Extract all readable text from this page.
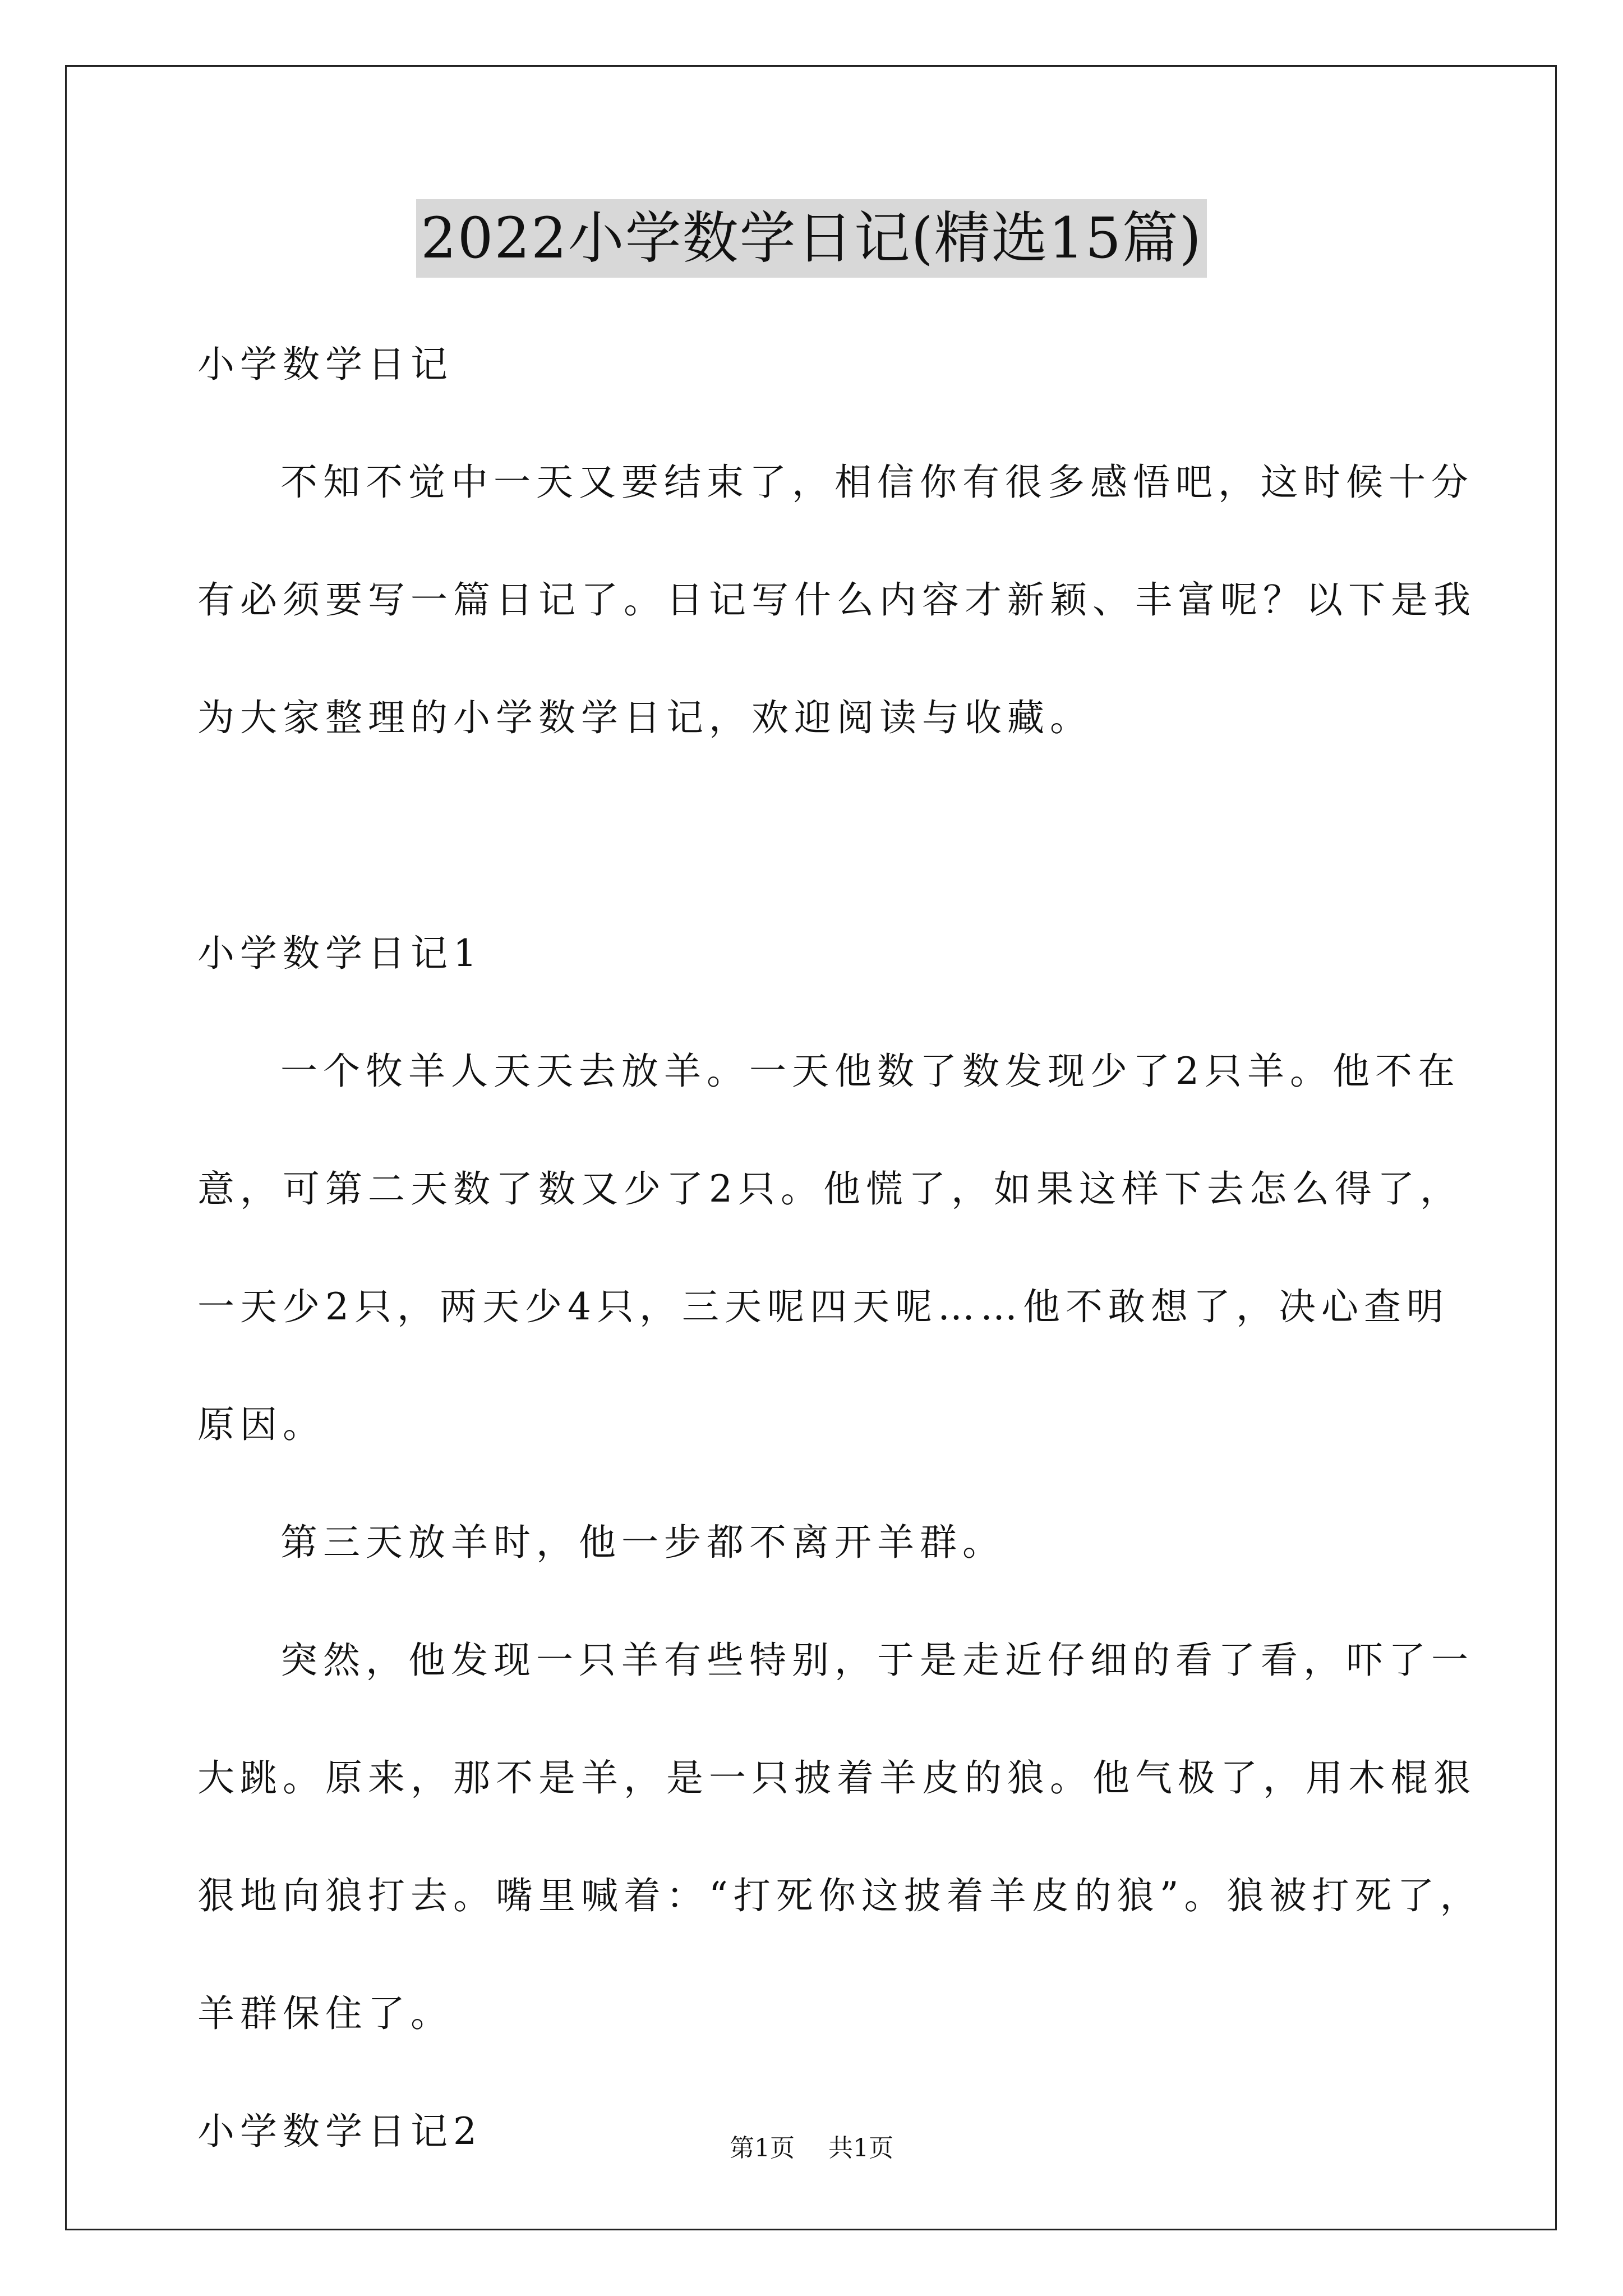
2022小学数学日记(精选15篇)

小学数学日记

不知不觉中一天又要结束了，相信你有很多感悟吧，这时候十分

有必须要写一篇日记了。日记写什么内容才新颖、丰富呢？以下是我

为大家整理的小学数学日记，欢迎阅读与收藏。

小学数学日记1

一个牧羊人天天去放羊。一天他数了数发现少了2只羊。他不在

意，可第二天数了数又少了2只。他慌了，如果这样下去怎么得了，

一天少2只，两天少4只，三天呢四天呢……他不敢想了，决心查明

原因。

第三天放羊时，他一步都不离开羊群。

突然，他发现一只羊有些特别，于是走近仔细的看了看，吓了一

大跳。原来，那不是羊，是一只披着羊皮的狼。他气极了，用木棍狠

狠地向狼打去。嘴里喊着：“打死你这披着羊皮的狼”。狼被打死了，

羊群保住了。

小学数学日记2	第1页 共1页
